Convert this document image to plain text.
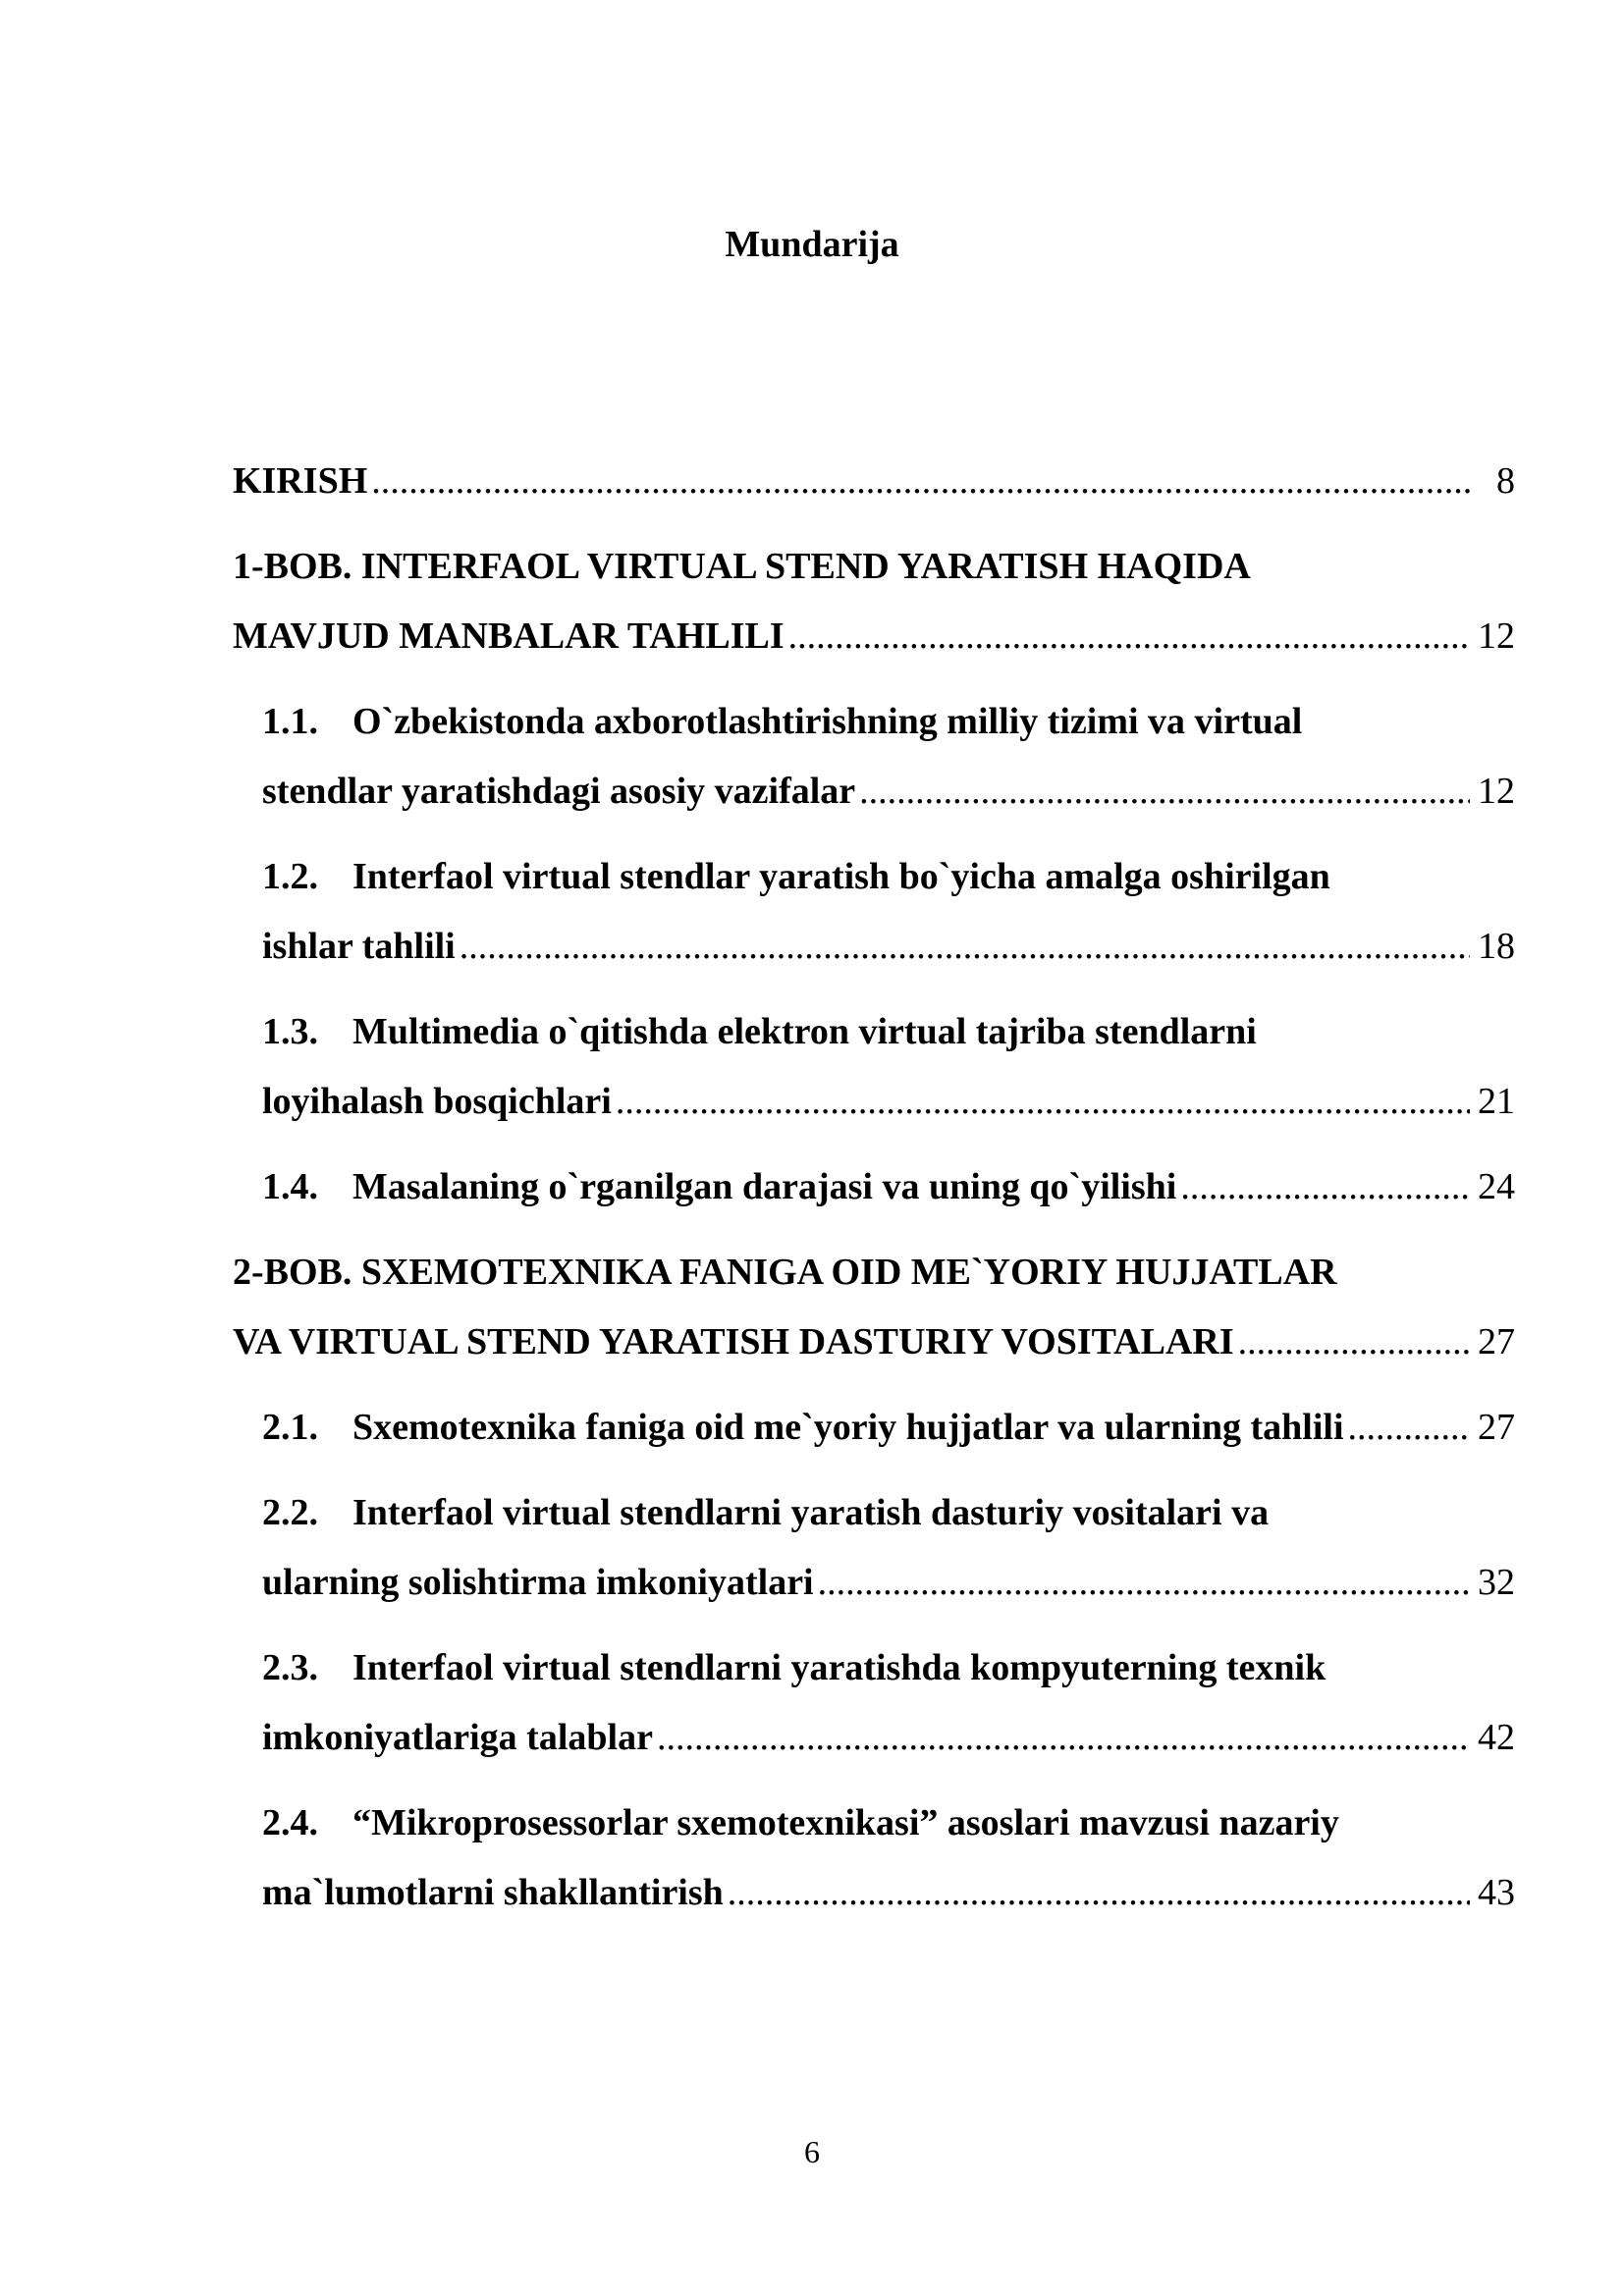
Mundarija
KIRISH .....	8
1-BOB. INTERFAOL VIRTUAL STEND YARATISH HAQIDA
MAVJUD MANBALAR TAHLILI .....	12
1.1. O`zbekistonda axborotlashtirishning milliy tizimi va virtual
stendlar yaratishdagi asosiy vazifalar .....	12
1.2. Interfaol virtual stendlar yaratish bo`yicha amalga oshirilgan
ishlar tahlili .....	18
1.3. Multimedia o`qitishda elektron virtual tajriba stendlarni
loyihalash bosqichlari .....	21
1.4. Masalaning o`rganilgan darajasi va uning qo`yilishi .....	24
2-BOB. SXEMOTEXNIKA FANIGA OID ME`YORIY HUJJATLAR
VA VIRTUAL STEND YARATISH DASTURIY VOSITALARI .....	27
2.1. Sxemotexnika faniga oid me`yoriy hujjatlar va ularning tahlili .....	27
2.2. Interfaol virtual stendlarni yaratish dasturiy vositalari va
ularning solishtirma imkoniyatlari .....	32
2.3. Interfaol virtual stendlarni yaratishda kompyuterning texnik
imkoniyatlariga talablar .....	42
2.4. “Mikroprosessorlar sxemotexnikasi” asoslari mavzusi nazariy
ma`lumotlarni shakllantirish .....	43
6
